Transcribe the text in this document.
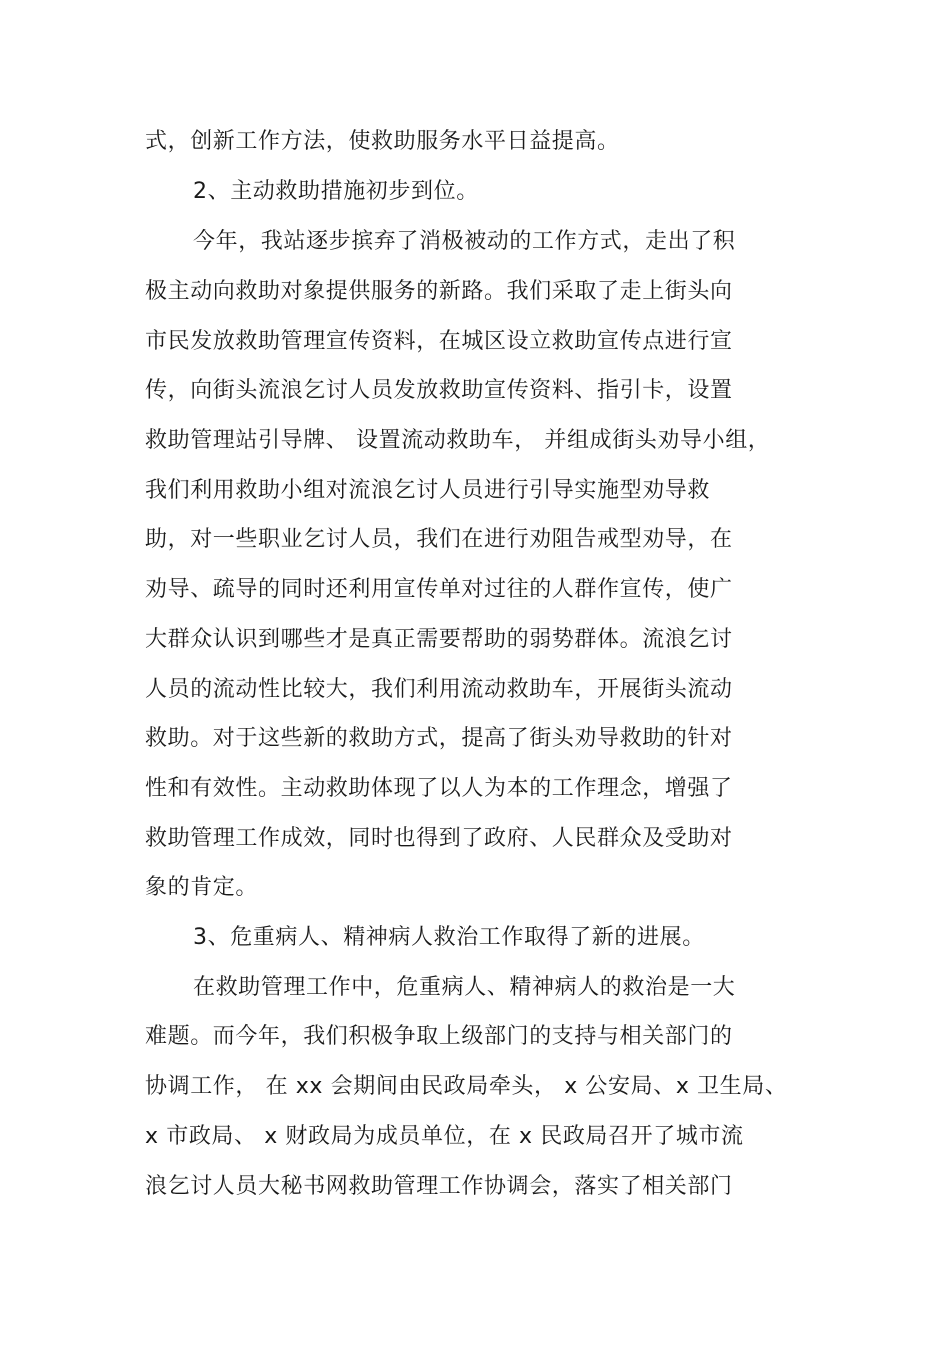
式，创新工作方法，使救助服务水平日益提高。
2、主动救助措施初步到位。
今年，我站逐步摈弃了消极被动的工作方式，走出了积
极主动向救助对象提供服务的新路。我们采取了走上街头向
市民发放救助管理宣传资料，在城区设立救助宣传点进行宣
传，向街头流浪乞讨人员发放救助宣传资料、指引卡，设置
救助管理站引导牌、 设置流动救助车， 并组成街头劝导小组，
我们利用救助小组对流浪乞讨人员进行引导实施型劝导救
助，对一些职业乞讨人员，我们在进行劝阻告戒型劝导，在
劝导、疏导的同时还利用宣传单对过往的人群作宣传，使广
大群众认识到哪些才是真正需要帮助的弱势群体。流浪乞讨
人员的流动性比较大，我们利用流动救助车，开展街头流动
救助。对于这些新的救助方式，提高了街头劝导救助的针对
性和有效性。主动救助体现了以人为本的工作理念，增强了
救助管理工作成效，同时也得到了政府、人民群众及受助对
象的肯定。
3、危重病人、精神病人救治工作取得了新的进展。
在救助管理工作中，危重病人、精神病人的救治是一大
难题。而今年，我们积极争取上级部门的支持与相关部门的
协调工作， 在 xx 会期间由民政局牵头， x 公安局、x 卫生局、
x 市政局、 x 财政局为成员单位，在 x 民政局召开了城市流
浪乞讨人员大秘书网救助管理工作协调会，落实了相关部门
